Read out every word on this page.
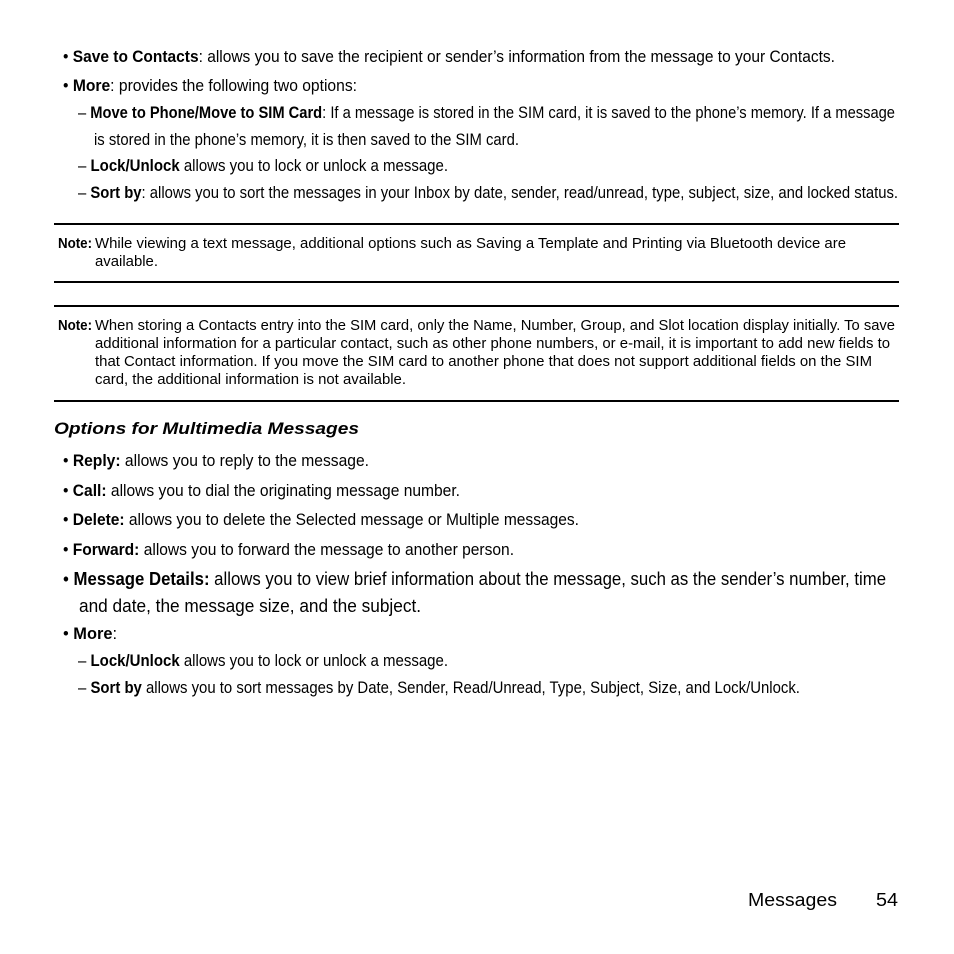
• Save to Contacts: allows you to save the recipient or sender’s information from the message to your Contacts.
• More: provides the following two options:
– Move to Phone/Move to SIM Card: If a message is stored in the SIM card, it is saved to the phone’s memory. If a message
is stored in the phone’s memory, it is then saved to the SIM card.
– Lock/Unlock allows you to lock or unlock a message.
– Sort by: allows you to sort the messages in your Inbox by date, sender, read/unread, type, subject, size, and locked status.
Note: While viewing a text message, additional options such as Saving a Template and Printing via Bluetooth device are
available.
Note: When storing a Contacts entry into the SIM card, only the Name, Number, Group, and Slot location display initially. To save
additional information for a particular contact, such as other phone numbers, or e-mail, it is important to add new fields to
that Contact information. If you move the SIM card to another phone that does not support additional fields on the SIM
card, the additional information is not available.
Options for Multimedia Messages
• Reply: allows you to reply to the message.
• Call: allows you to dial the originating message number.
• Delete: allows you to delete the Selected message or Multiple messages.
• Forward: allows you to forward the message to another person.
• Message Details: allows you to view brief information about the message, such as the sender’s number, time
and date, the message size, and the subject.
• More:
– Lock/Unlock allows you to lock or unlock a message.
– Sort by allows you to sort messages by Date, Sender, Read/Unread, Type, Subject, Size, and Lock/Unlock.
Messages 54
